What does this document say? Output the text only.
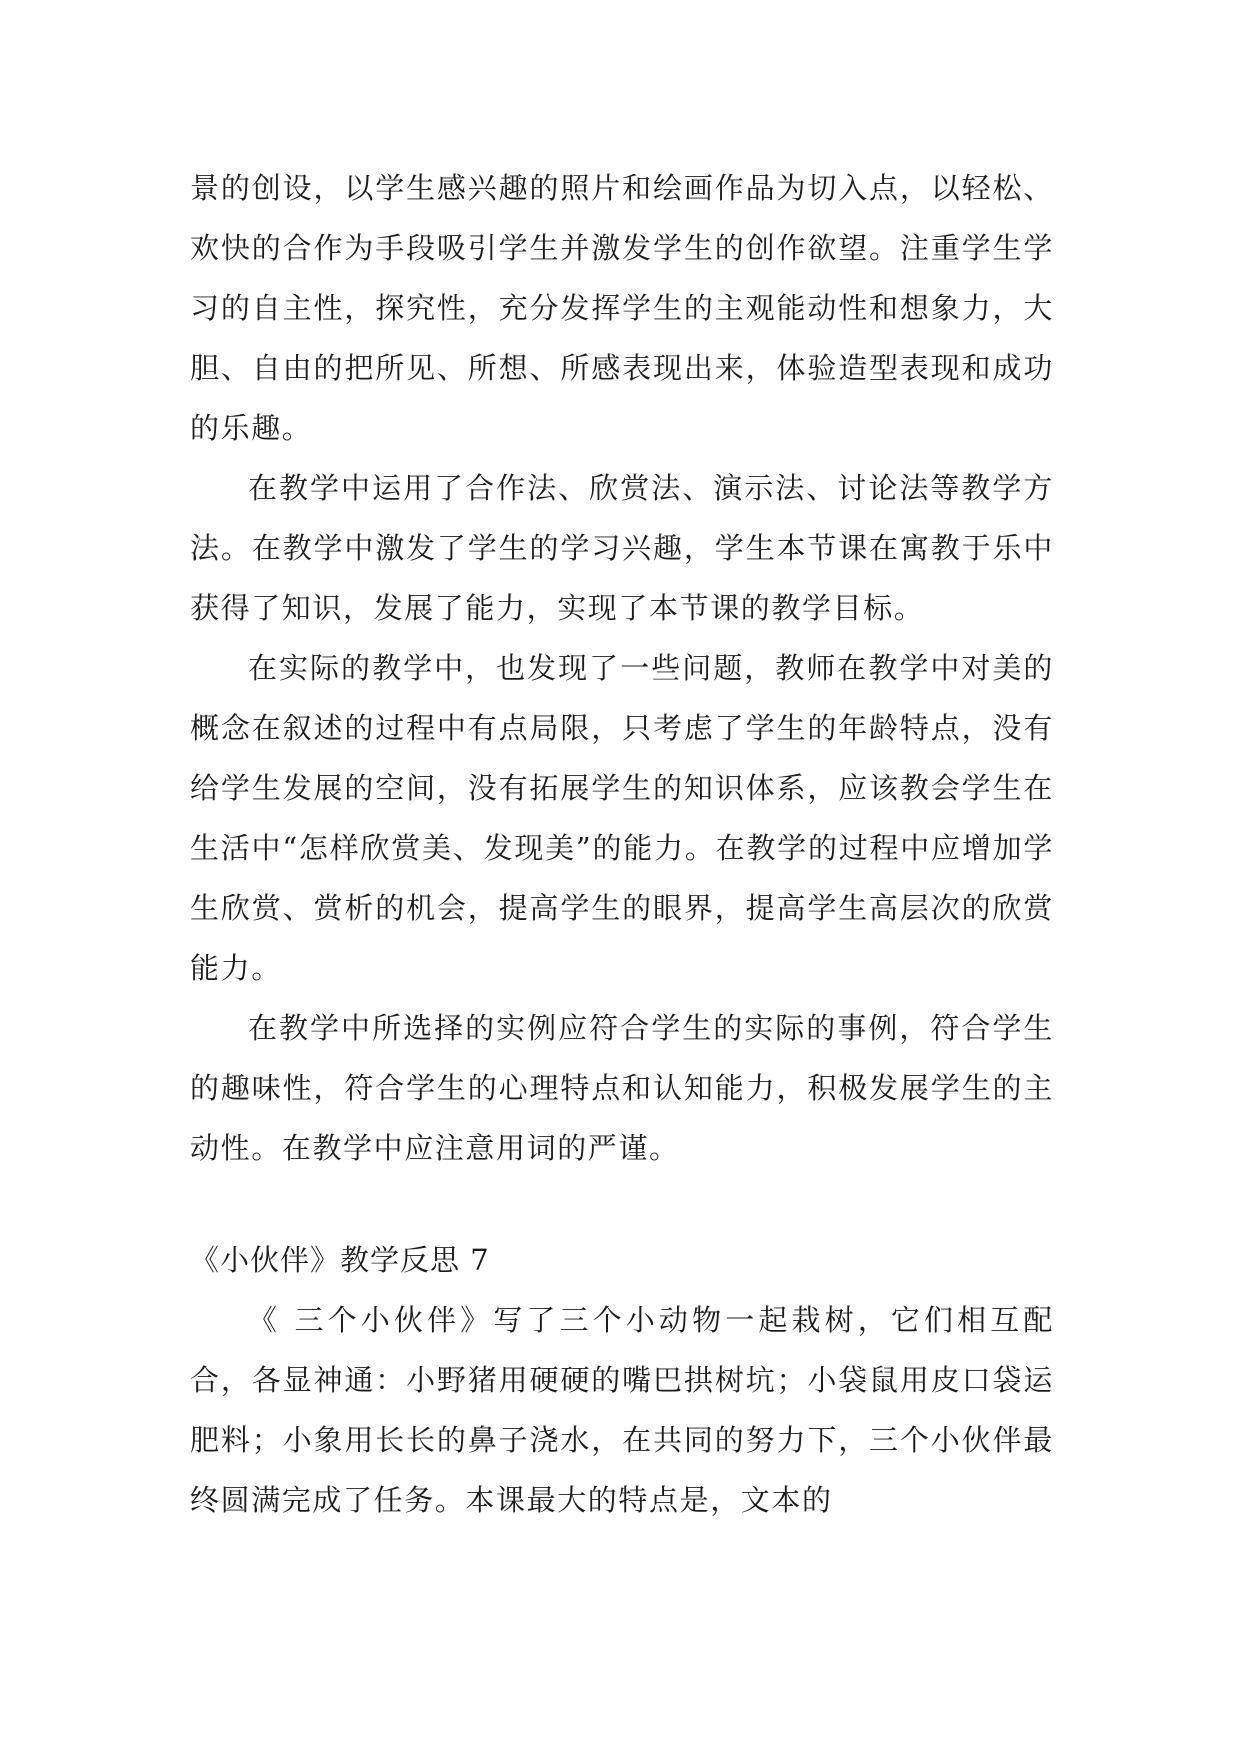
景的创设，以学生感兴趣的照片和绘画作品为切入点，以轻松、欢快的合作为手段吸引学生并激发学生的创作欲望。注重学生学习的自主性，探究性，充分发挥学生的主观能动性和想象力，大胆、自由的把所见、所想、所感表现出来，体验造型表现和成功的乐趣。

在教学中运用了合作法、欣赏法、演示法、讨论法等教学方法。在教学中激发了学生的学习兴趣，学生本节课在寓教于乐中获得了知识，发展了能力，实现了本节课的教学目标。

在实际的教学中，也发现了一些问题，教师在教学中对美的概念在叙述的过程中有点局限，只考虑了学生的年龄特点，没有给学生发展的空间，没有拓展学生的知识体系，应该教会学生在生活中“怎样欣赏美、发现美”的能力。在教学的过程中应增加学生欣赏、赏析的机会，提高学生的眼界，提高学生高层次的欣赏能力。

在教学中所选择的实例应符合学生的实际的事例，符合学生的趣味性，符合学生的心理特点和认知能力，积极发展学生的主动性。在教学中应注意用词的严谨。

《小伙伴》教学反思 7

《 三个小伙伴》写了三个小动物一起栽树，它们相互配合，各显神通：小野猪用硬硬的嘴巴拱树坑；小袋鼠用皮口袋运肥料；小象用长长的鼻子浇水，在共同的努力下，三个小伙伴最终圆满完成了任务。本课最大的特点是，文本的
